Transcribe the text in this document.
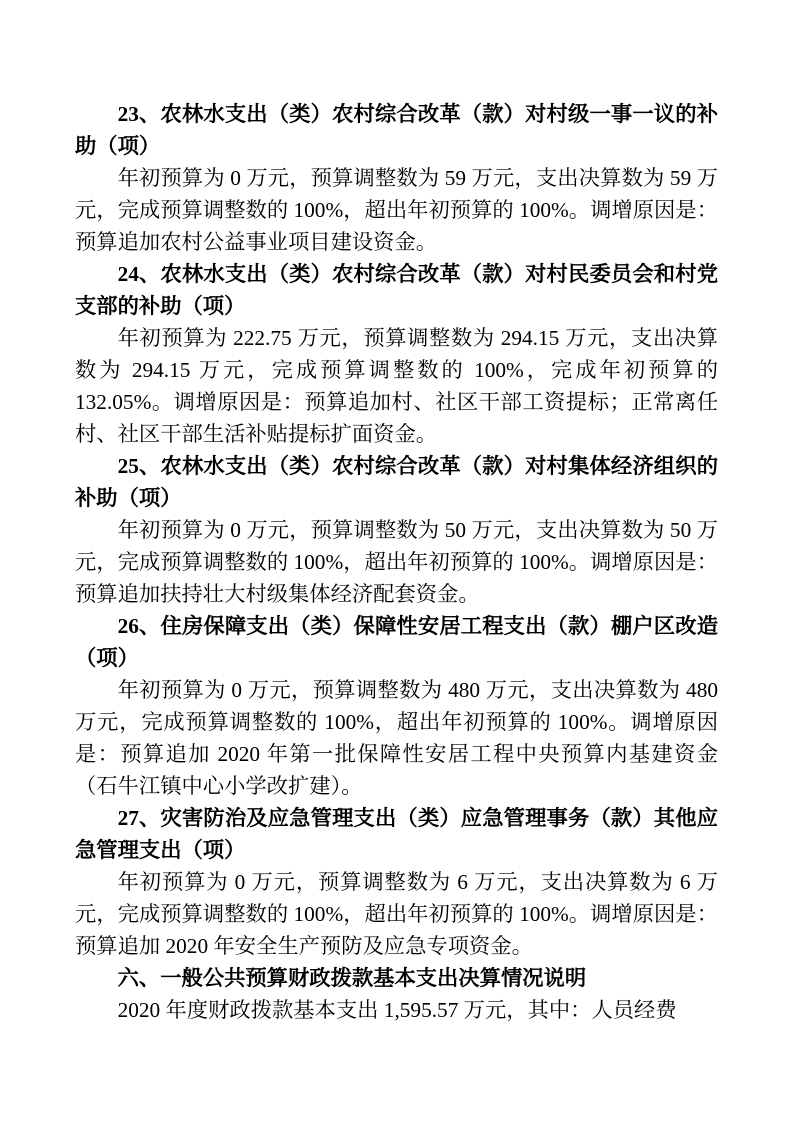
23、农林水支出（类）农村综合改革（款）对村级一事一议的补助（项）

年初预算为 0 万元，预算调整数为 59 万元，支出决算数为 59 万元，完成预算调整数的 100%，超出年初预算的 100%。调增原因是：预算追加农村公益事业项目建设资金。

24、农林水支出（类）农村综合改革（款）对村民委员会和村党支部的补助（项）

年初预算为 222.75 万元，预算调整数为 294.15 万元，支出决算数为 294.15 万元，完成预算调整数的 100%，完成年初预算的 132.05%。调增原因是：预算追加村、社区干部工资提标；正常离任村、社区干部生活补贴提标扩面资金。

25、农林水支出（类）农村综合改革（款）对村集体经济组织的补助（项）

年初预算为 0 万元，预算调整数为 50 万元，支出决算数为 50 万元，完成预算调整数的 100%，超出年初预算的 100%。调增原因是：预算追加扶持壮大村级集体经济配套资金。

26、住房保障支出（类）保障性安居工程支出（款）棚户区改造（项）

年初预算为 0 万元，预算调整数为 480 万元，支出决算数为 480 万元，完成预算调整数的 100%，超出年初预算的 100%。调增原因是：预算追加 2020 年第一批保障性安居工程中央预算内基建资金（石牛江镇中心小学改扩建）。

27、灾害防治及应急管理支出（类）应急管理事务（款）其他应急管理支出（项）

年初预算为 0 万元，预算调整数为 6 万元，支出决算数为 6 万元，完成预算调整数的 100%，超出年初预算的 100%。调增原因是：预算追加 2020 年安全生产预防及应急专项资金。

六、一般公共预算财政拨款基本支出决算情况说明

2020 年度财政拨款基本支出 1,595.57 万元，其中：人员经费
